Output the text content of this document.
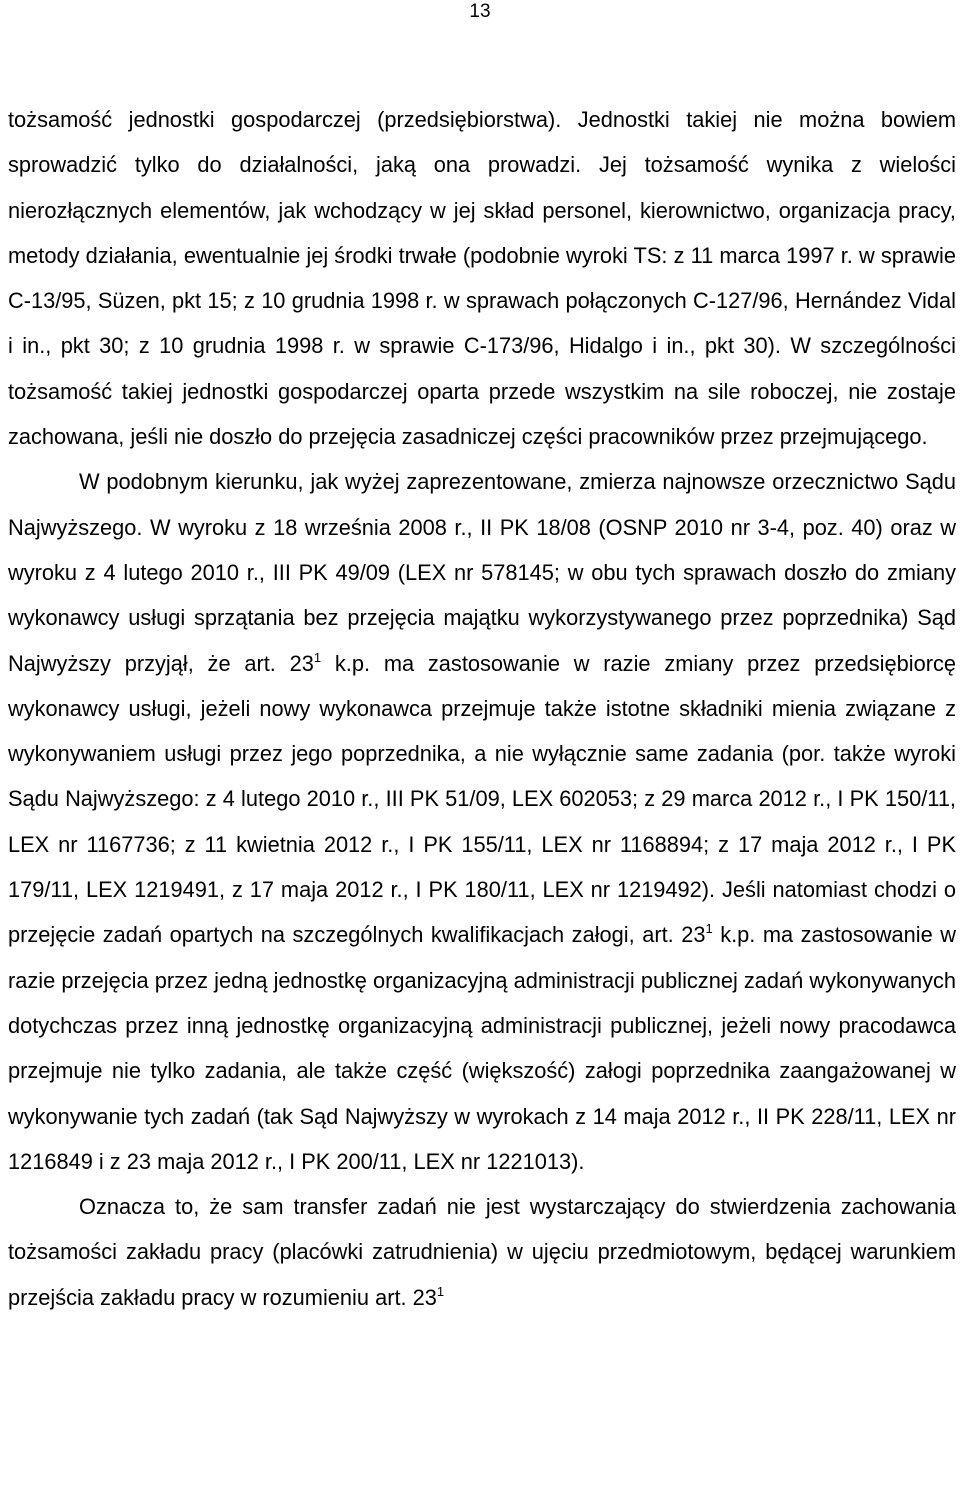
13

tożsamość jednostki gospodarczej (przedsiębiorstwa). Jednostki takiej nie można bowiem sprowadzić tylko do działalności, jaką ona prowadzi. Jej tożsamość wynika z wielości nierozłącznych elementów, jak wchodzący w jej skład personel, kierownictwo, organizacja pracy, metody działania, ewentualnie jej środki trwałe (podobnie wyroki TS: z 11 marca 1997 r. w sprawie C-13/95, Süzen, pkt 15; z 10 grudnia 1998 r. w sprawach połączonych C-127/96, Hernández Vidal i in., pkt 30; z 10 grudnia 1998 r. w sprawie C-173/96, Hidalgo i in., pkt 30). W szczególności tożsamość takiej jednostki gospodarczej oparta przede wszystkim na sile roboczej, nie zostaje zachowana, jeśli nie doszło do przejęcia zasadniczej części pracowników przez przejmującego.

W podobnym kierunku, jak wyżej zaprezentowane, zmierza najnowsze orzecznictwo Sądu Najwyższego. W wyroku z 18 września 2008 r., II PK 18/08 (OSNP 2010 nr 3-4, poz. 40) oraz w wyroku z 4 lutego 2010 r., III PK 49/09 (LEX nr 578145; w obu tych sprawach doszło do zmiany wykonawcy usługi sprzątania bez przejęcia majątku wykorzystywanego przez poprzednika) Sąd Najwyższy przyjął, że art. $23^1$ k.p. ma zastosowanie w razie zmiany przez przedsiębiorcę wykonawcy usługi, jeżeli nowy wykonawca przejmuje także istotne składniki mienia związane z wykonywaniem usługi przez jego poprzednika, a nie wyłącznie same zadania (por. także wyroki Sądu Najwyższego: z 4 lutego 2010 r., III PK 51/09, LEX 602053; z 29 marca 2012 r., I PK 150/11, LEX nr 1167736; z 11 kwietnia 2012 r., I PK 155/11, LEX nr 1168894; z 17 maja 2012 r., I PK 179/11, LEX 1219491, z 17 maja 2012 r., I PK 180/11, LEX nr 1219492). Jeśli natomiast chodzi o przejęcie zadań opartych na szczególnych kwalifikacjach załogi, art. $23^1$ k.p. ma zastosowanie w razie przejęcia przez jedną jednostkę organizacyjną administracji publicznej zadań wykonywanych dotychczas przez inną jednostkę organizacyjną administracji publicznej, jeżeli nowy pracodawca przejmuje nie tylko zadania, ale także część (większość) załogi poprzednika zaangażowanej w wykonywanie tych zadań (tak Sąd Najwyższy w wyrokach z 14 maja 2012 r., II PK 228/11, LEX nr 1216849 i z 23 maja 2012 r., I PK 200/11, LEX nr 1221013).

Oznacza to, że sam transfer zadań nie jest wystarczający do stwierdzenia zachowania tożsamości zakładu pracy (placówki zatrudnienia) w ujęciu przedmiotowym, będącej warunkiem przejścia zakładu pracy w rozumieniu art. $23^1$
